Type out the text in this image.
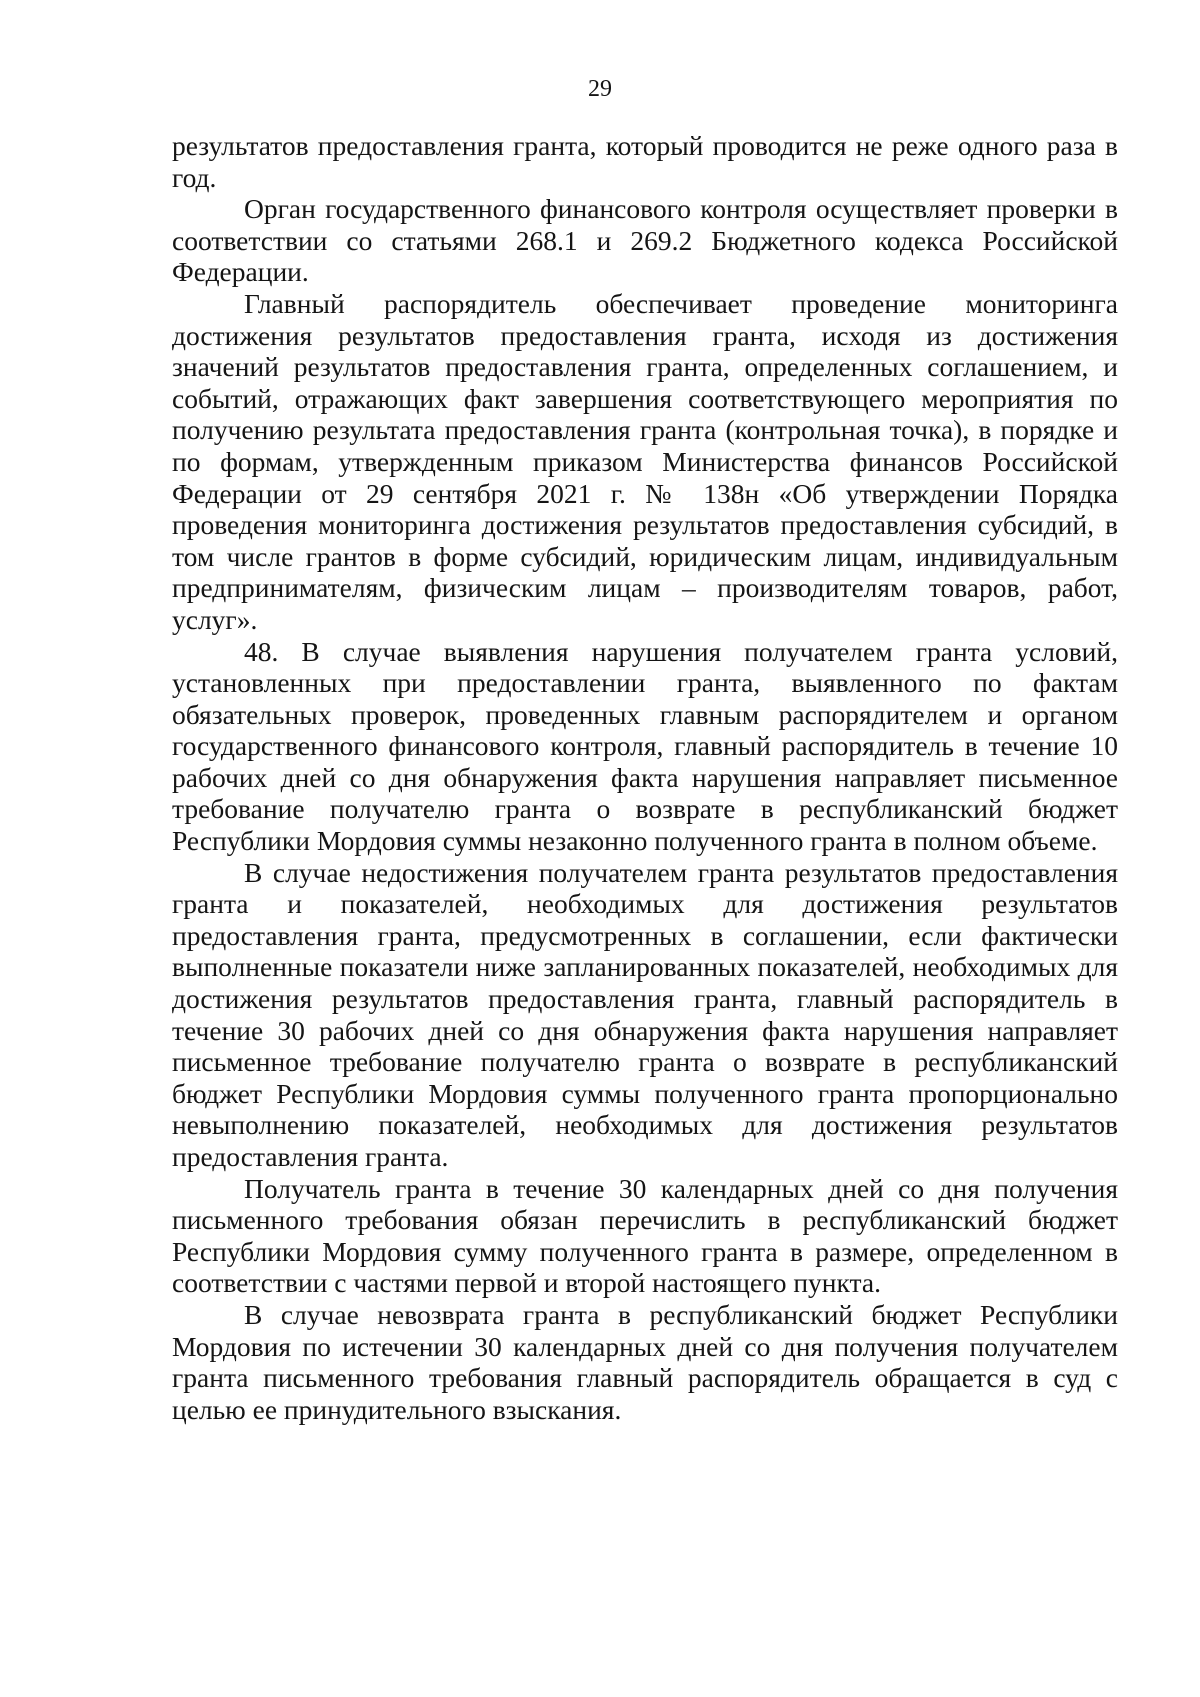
29

результатов предоставления гранта, который проводится не реже одного раза в год.

Орган государственного финансового контроля осуществляет проверки в соответствии со статьями 268.1 и 269.2 Бюджетного кодекса Российской Федерации.

Главный распорядитель обеспечивает проведение мониторинга достижения результатов предоставления гранта, исходя из достижения значений результатов предоставления гранта, определенных соглашением, и событий, отражающих факт завершения соответствующего мероприятия по получению результата предоставления гранта (контрольная точка), в порядке и по формам, утвержденным приказом Министерства финансов Российской Федерации от 29 сентября 2021 г. № 138н «Об утверждении Порядка проведения мониторинга достижения результатов предоставления субсидий, в том числе грантов в форме субсидий, юридическим лицам, индивидуальным предпринимателям, физическим лицам – производителям товаров, работ, услуг».

48. В случае выявления нарушения получателем гранта условий, установленных при предоставлении гранта, выявленного по фактам обязательных проверок, проведенных главным распорядителем и органом государственного финансового контроля, главный распорядитель в течение 10 рабочих дней со дня обнаружения факта нарушения направляет письменное требование получателю гранта о возврате в республиканский бюджет Республики Мордовия суммы незаконно полученного гранта в полном объеме.

В случае недостижения получателем гранта результатов предоставления гранта и показателей, необходимых для достижения результатов предоставления гранта, предусмотренных в соглашении, если фактически выполненные показатели ниже запланированных показателей, необходимых для достижения результатов предоставления гранта, главный распорядитель в течение 30 рабочих дней со дня обнаружения факта нарушения направляет письменное требование получателю гранта о возврате в республиканский бюджет Республики Мордовия суммы полученного гранта пропорционально невыполнению показателей, необходимых для достижения результатов предоставления гранта.

Получатель гранта в течение 30 календарных дней со дня получения письменного требования обязан перечислить в республиканский бюджет Республики Мордовия сумму полученного гранта в размере, определенном в соответствии с частями первой и второй настоящего пункта.

В случае невозврата гранта в республиканский бюджет Республики Мордовия по истечении 30 календарных дней со дня получения получателем гранта письменного требования главный распорядитель обращается в суд с целью ее принудительного взыскания.
